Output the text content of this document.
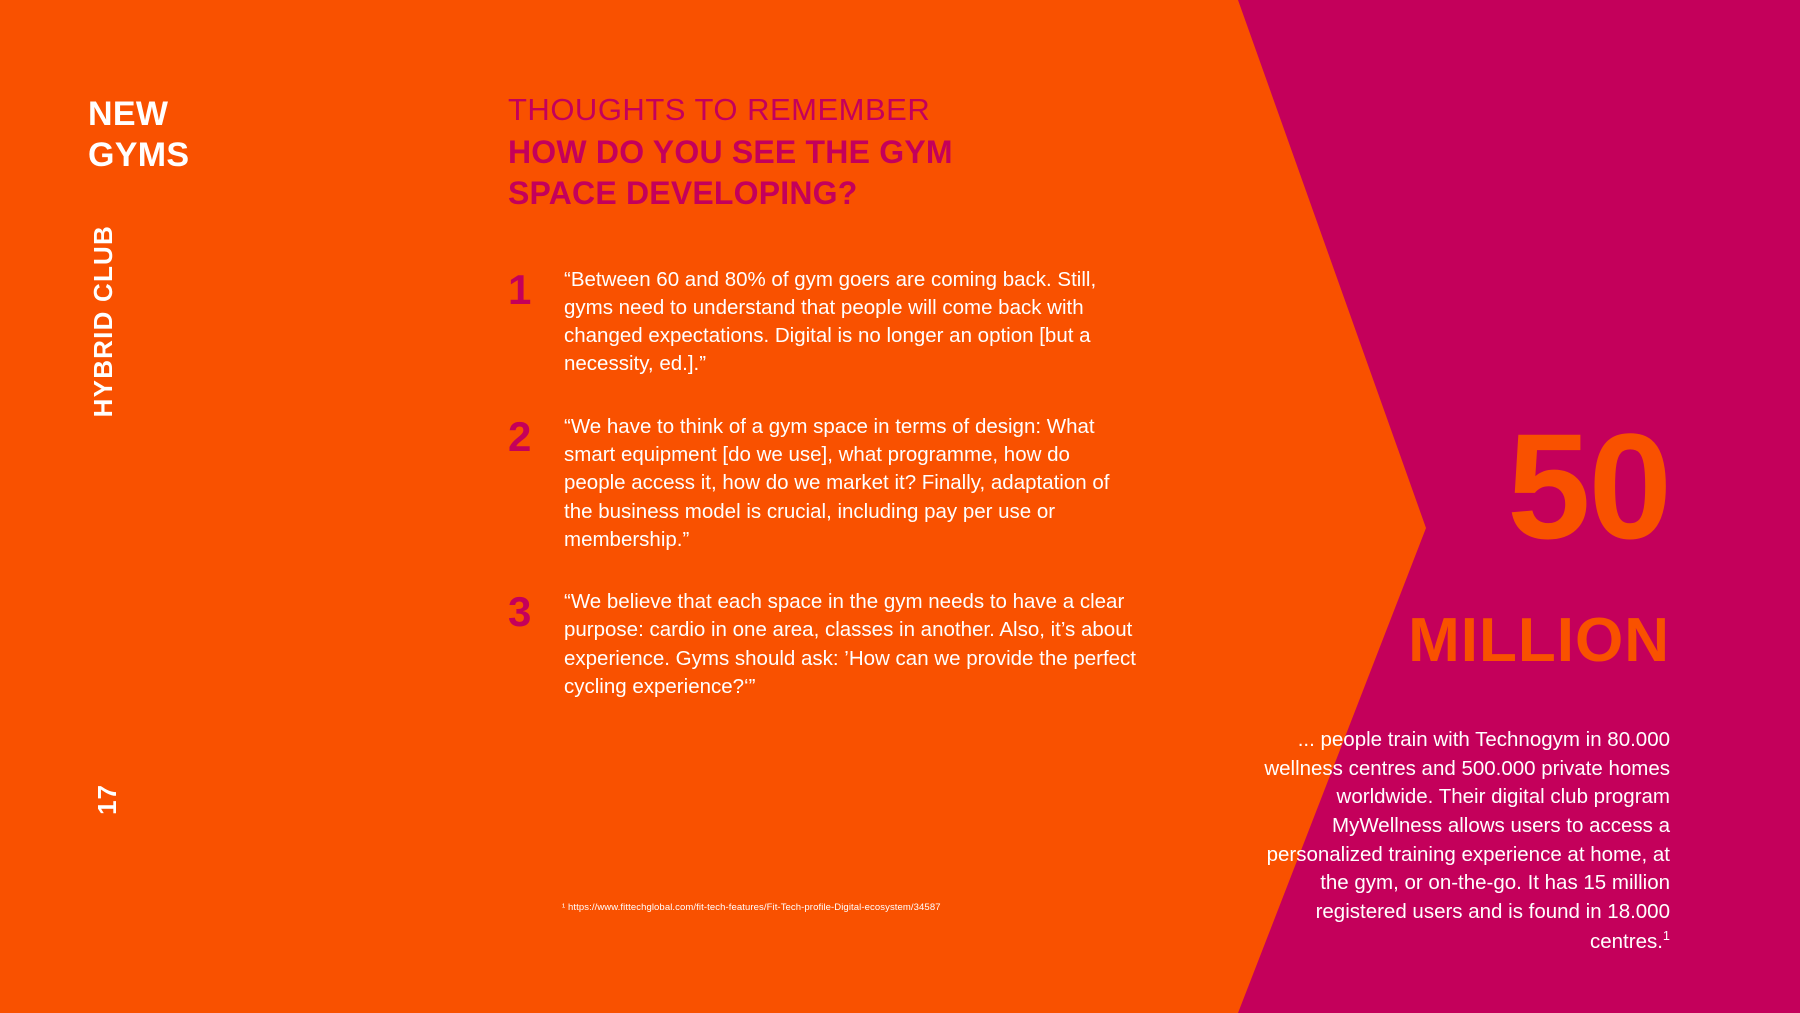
NEW
GYMS
HYBRID CLUB
17

THOUGHTS TO REMEMBER

HOW DO YOU SEE THE GYM
SPACE DEVELOPING?
1	“Between 60 and 80% of gym goers are coming back. Still, gyms need to understand that people will come back with changed expectations. Digital is no longer an option [but a necessity, ed.].”
2	“We have to think of a gym space in terms of design: What smart equipment [do we use], what programme, how do people access it, how do we market it? Finally, adaptation of the business model is crucial, including pay per use or membership.”
3	“We believe that each space in the gym needs to have a clear purpose: cardio in one area, classes in another. Also, it’s about experience. Gyms should ask: ’How can we provide the perfect cycling experience?‘”
¹ https://www.fittechglobal.com/fit-tech-features/Fit-Tech-profile-Digital-ecosystem/34587
50
MILLION
... people train with Technogym in 80.000 wellness centres and 500.000 private homes worldwide. Their digital club program MyWellness allows users to access a personalized training experience at home, at the gym, or on-the-go. It has 15 million registered users and is found in 18.000 centres.$^1$
